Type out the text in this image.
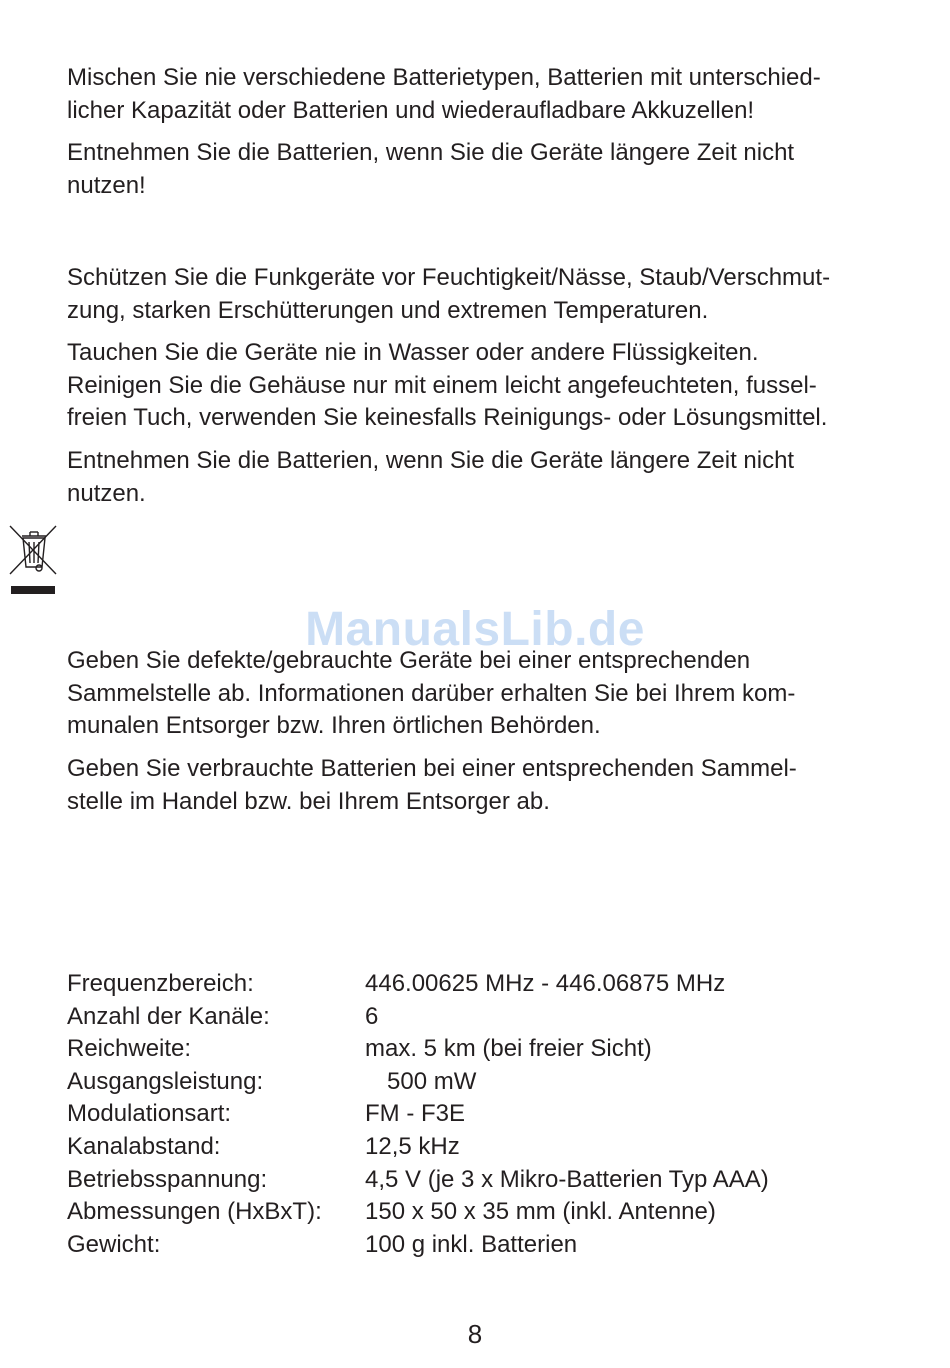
Mischen Sie nie verschiedene Batterietypen, Batterien mit unterschied-
licher Kapazität oder Batterien und wiederaufladbare Akkuzellen!

Entnehmen Sie die Batterien, wenn Sie die Geräte längere Zeit nicht
nutzen!

Schützen Sie die Funkgeräte vor Feuchtigkeit/Nässe, Staub/Verschmut-
zung, starken Erschütterungen und extremen Temperaturen.

Tauchen Sie die Geräte nie in Wasser oder andere Flüssigkeiten.
Reinigen Sie die Gehäuse nur mit einem leicht angefeuchteten, fussel-
freien Tuch, verwenden Sie keinesfalls Reinigungs- oder Lösungsmittel.

Entnehmen Sie die Batterien, wenn Sie die Geräte längere Zeit nicht
nutzen.

ManualsLib.de

Geben Sie defekte/gebrauchte Geräte bei einer entsprechenden
Sammelstelle ab. Informationen darüber erhalten Sie bei Ihrem kom-
munalen Entsorger bzw. Ihren örtlichen Behörden.

Geben Sie verbrauchte Batterien bei einer entsprechenden Sammel-
stelle im Handel bzw. bei Ihrem Entsorger ab.

Frequenzbereich:	446.00625 MHz - 446.06875 MHz
Anzahl der Kanäle:	6
Reichweite:	max. 5 km (bei freier Sicht)
Ausgangsleistung:	500 mW
Modulationsart:	FM - F3E
Kanalabstand:	12,5 kHz
Betriebsspannung:	4,5 V (je 3 x Mikro-Batterien Typ AAA)
Abmessungen (HxBxT):	150 x 50 x 35 mm (inkl. Antenne)
Gewicht:	100 g inkl. Batterien
8
